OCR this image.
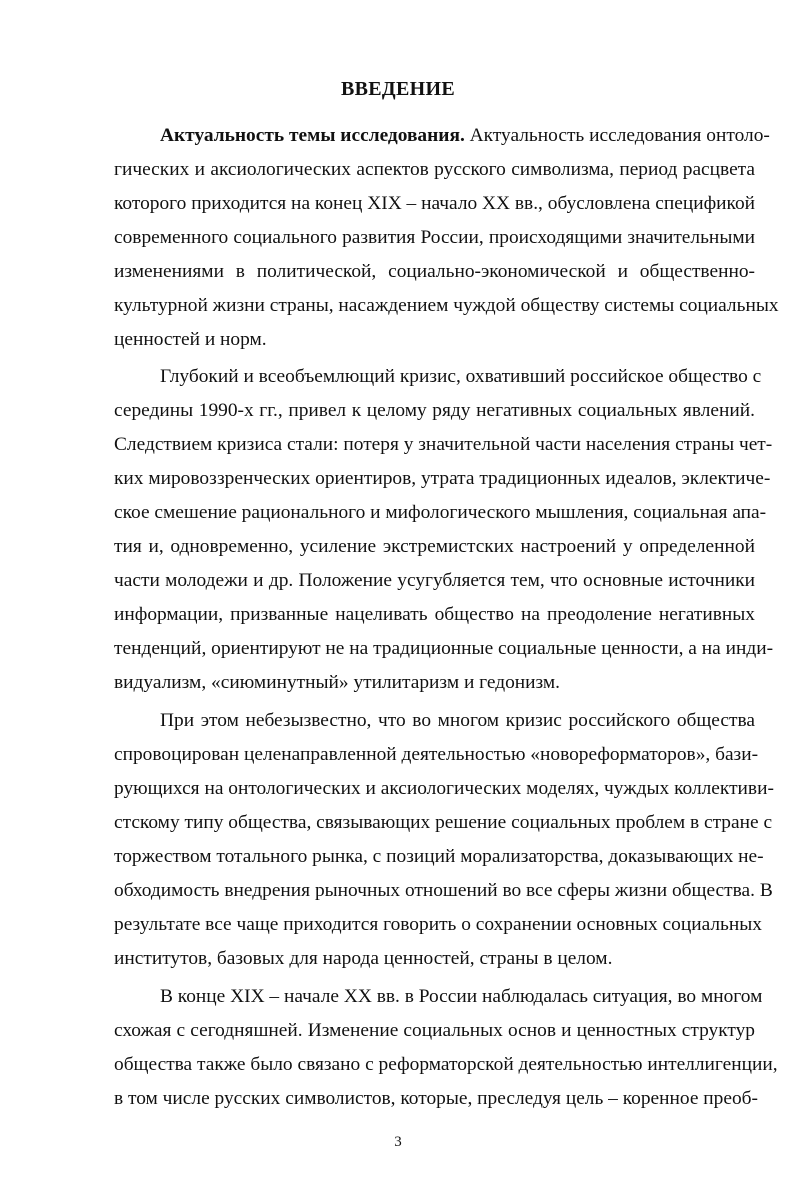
ВВЕДЕНИЕ

Актуальность темы исследования. Актуальность исследования онтоло-

гических и аксиологических аспектов русского символизма, период расцвета

которого приходится на конец XIX – начало XX вв., обусловлена спецификой

современного социального развития России, происходящими значительными

изменениями в политической, социально-экономической и общественно-

культурной жизни страны, насаждением чуждой обществу системы социальных

ценностей и норм.

Глубокий и всеобъемлющий кризис, охвативший российское общество с

середины 1990-х гг., привел к целому ряду негативных социальных явлений.

Следствием кризиса стали: потеря у значительной части населения страны чет-

ких мировоззренческих ориентиров, утрата традиционных идеалов, эклектиче-

ское смешение рационального и мифологического мышления, социальная апа-

тия и, одновременно, усиление экстремистских настроений у определенной

части молодежи и др. Положение усугубляется тем, что основные источники

информации, призванные нацеливать общество на преодоление негативных

тенденций, ориентируют не на традиционные социальные ценности, а на инди-

видуализм, «сиюминутный» утилитаризм и гедонизм.

При этом небезызвестно, что во многом кризис российского общества

спровоцирован целенаправленной деятельностью «новореформаторов», бази-

рующихся на онтологических и аксиологических моделях, чуждых коллективи-

стскому типу общества, связывающих решение социальных проблем в стране с

торжеством тотального рынка, с позиций морализаторства, доказывающих не-

обходимость внедрения рыночных отношений во все сферы жизни общества. В

результате все чаще приходится говорить о сохранении основных социальных

институтов, базовых для народа ценностей, страны в целом.

В конце XIX – начале XX вв. в России наблюдалась ситуация, во многом

схожая с сегодняшней. Изменение социальных основ и ценностных структур

общества также было связано с реформаторской деятельностью интеллигенции,

в том числе русских символистов, которые, преследуя цель – коренное преоб-

3
